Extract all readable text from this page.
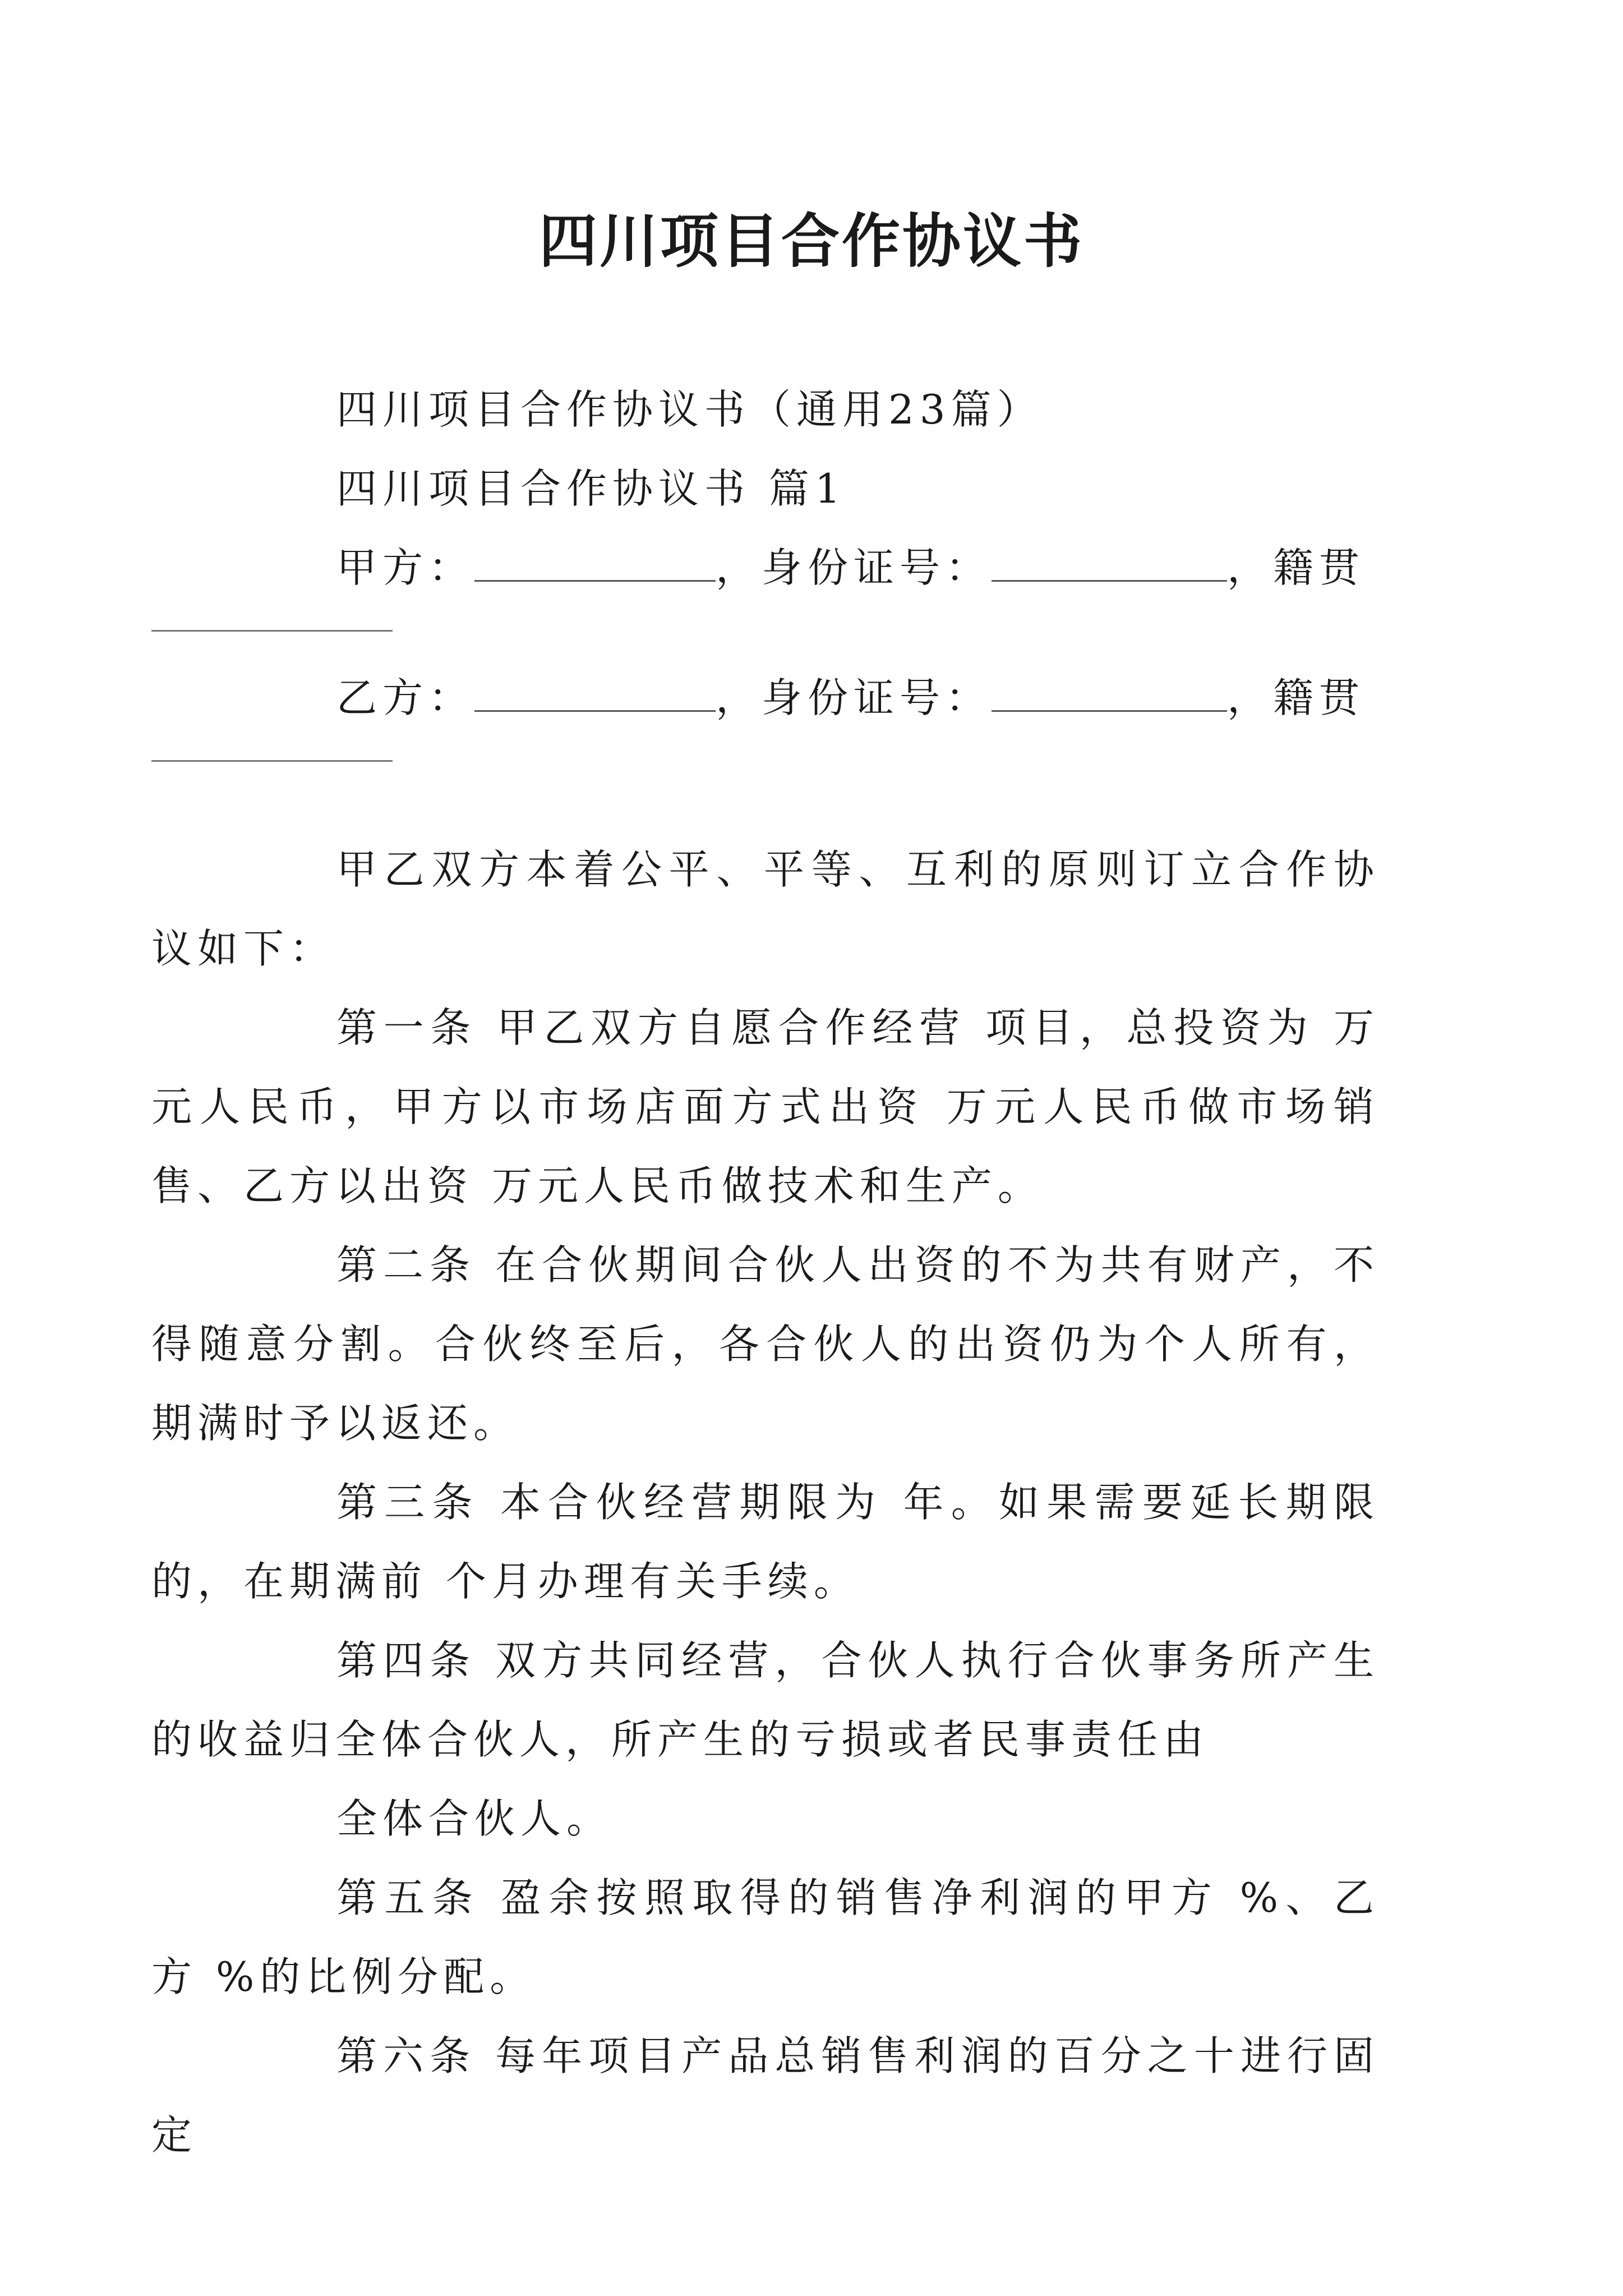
四川项目合作协议书

四川项目合作协议书（通用23篇）

四川项目合作协议书 篇1

甲方：	，身份证号：	，籍贯

乙方：	，身份证号：	，籍贯

甲乙双方本着公平、平等、互利的原则订立合作协议如下：

第一条 甲乙双方自愿合作经营 项目，总投资为 万元人民币，甲方以市场店面方式出资 万元人民币做市场销售、乙方以出资 万元人民币做技术和生产。

第二条 在合伙期间合伙人出资的不为共有财产，不得随意分割。合伙终至后，各合伙人的出资仍为个人所有，期满时予以返还。

第三条 本合伙经营期限为 年。如果需要延长期限的，在期满前 个月办理有关手续。

第四条 双方共同经营，合伙人执行合伙事务所产生的收益归全体合伙人，所产生的亏损或者民事责任由

全体合伙人。

第五条 盈余按照取得的销售净利润的甲方 %、乙方 %的比例分配。

第六条 每年项目产品总销售利润的百分之十进行固定
